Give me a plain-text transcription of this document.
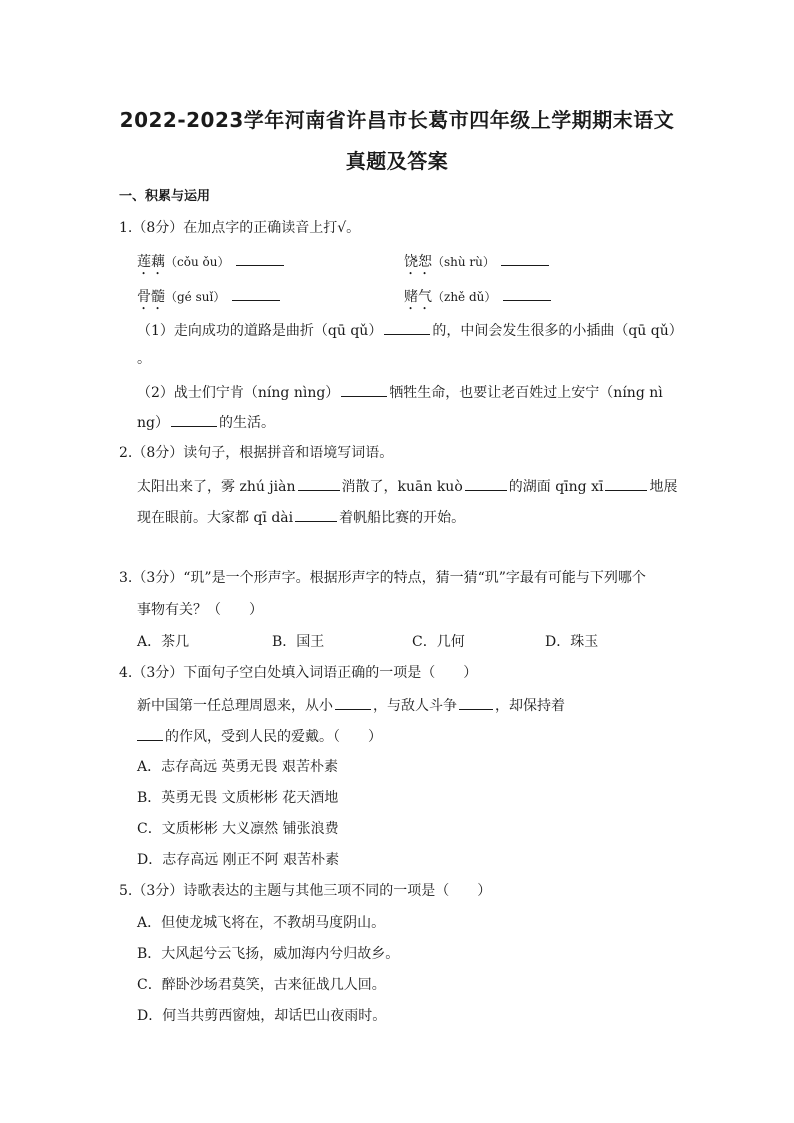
2022-2023学年河南省许昌市长葛市四年级上学期期末语文
真题及答案
一、积累与运用
1.（8分）在加点字的正确读音上打√。
莲藕（cǒu ǒu）	饶恕（shù rù）
骨髓（gé suǐ）	赌气（zhě dǔ）
（1）走向成功的道路是曲折（qū qǔ）	的，中间会发生很多的小插曲（qū qǔ）
。
（2）战士们宁肯（níng nìng）	牺牲生命，也要让老百姓过上安宁（níng nì
ng）	的生活。
2.（8分）读句子，根据拼音和语境写词语。
太阳出来了，雾 zhú jiàn	消散了，kuān kuò	的湖面 qīng xī	地展
现在眼前。大家都 qī dài	着帆船比赛的开始。
3.（3分）“玑”是一个形声字。根据形声字的特点，猜一猜“玑”字最有可能与下列哪个
事物有关？（　　）
A．茶几	B．国王	C．几何	D．珠玉
4.（3分）下面句子空白处填入词语正确的一项是（　　）
新中国第一任总理周恩来，从小	，与敌人斗争	，却保持着
的作风，受到人民的爱戴。（　　）
A．志存高远 英勇无畏 艰苦朴素
B．英勇无畏 文质彬彬 花天酒地
C．文质彬彬 大义凛然 铺张浪费
D．志存高远 刚正不阿 艰苦朴素
5.（3分）诗歌表达的主题与其他三项不同的一项是（　　）
A．但使龙城飞将在，不教胡马度阴山。
B．大风起兮云飞扬，威加海内兮归故乡。
C．醉卧沙场君莫笑，古来征战几人回。
D．何当共剪西窗烛，却话巴山夜雨时。
